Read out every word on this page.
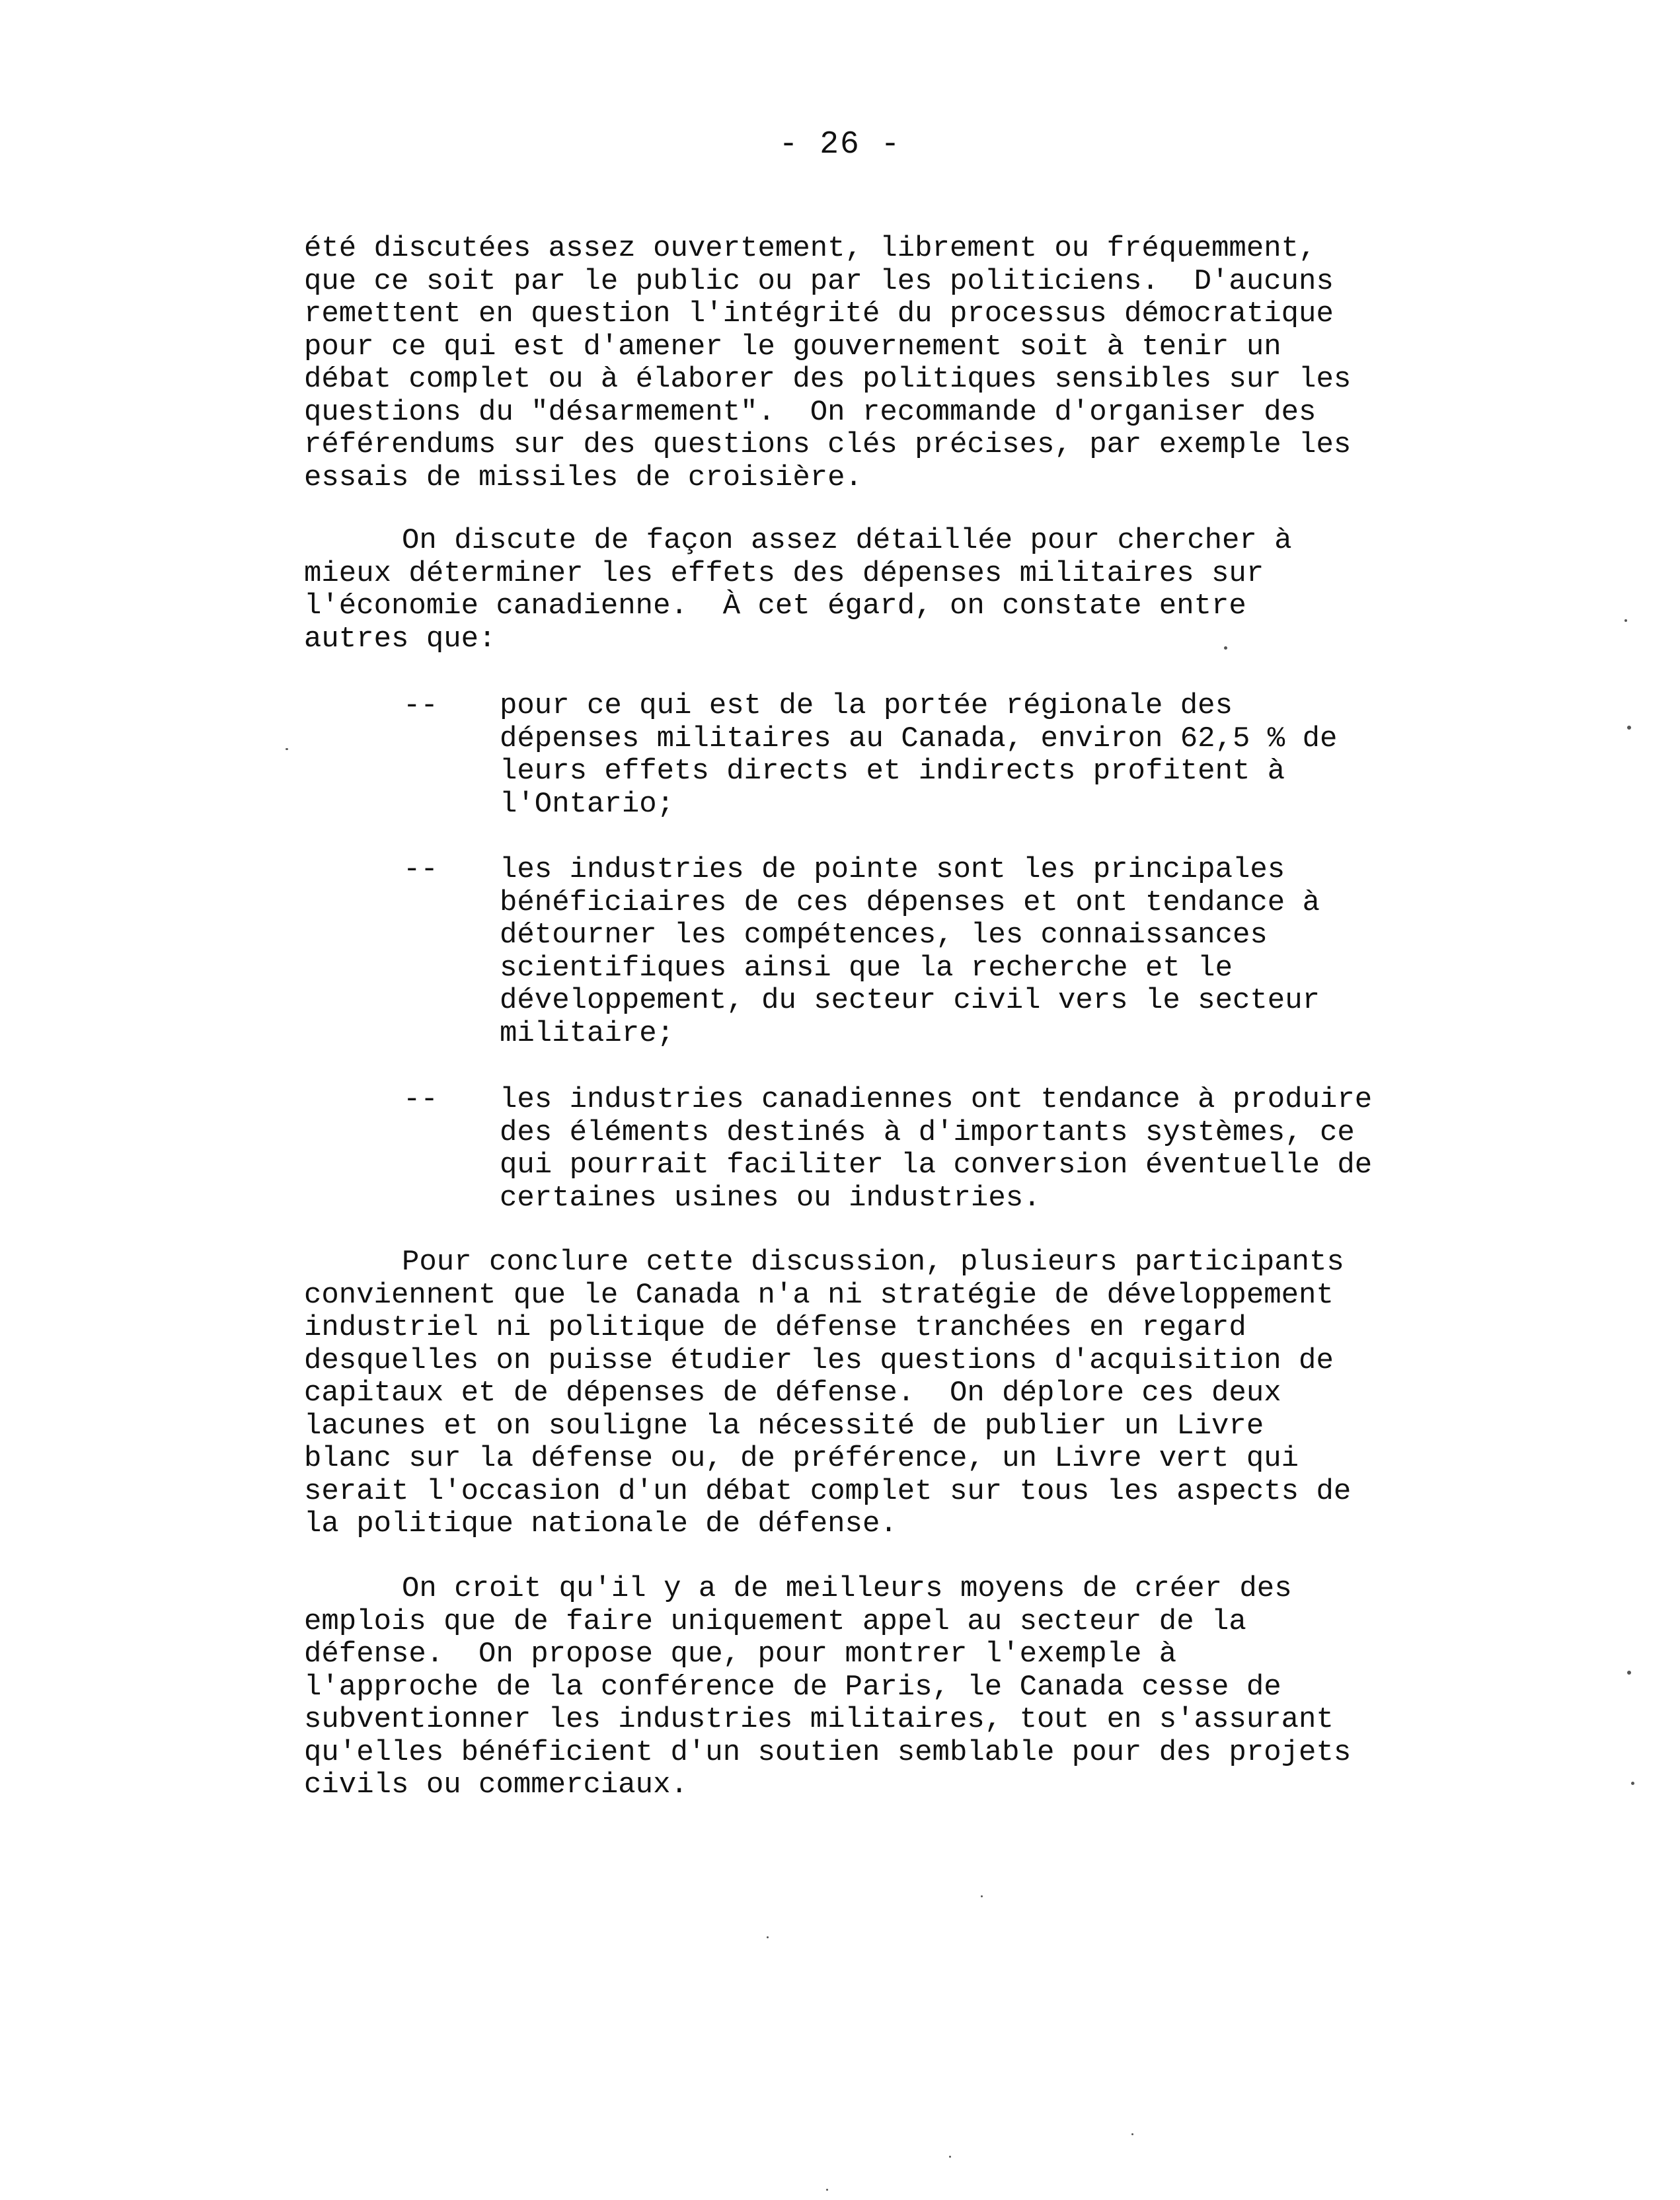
- 26 -
été discutées assez ouvertement, librement ou fréquemment,
que ce soit par le public ou par les politiciens.  D'aucuns
remettent en question l'intégrité du processus démocratique
pour ce qui est d'amener le gouvernement soit à tenir un
débat complet ou à élaborer des politiques sensibles sur les
questions du "désarmement".  On recommande d'organiser des
référendums sur des questions clés précises, par exemple les
essais de missiles de croisière.
On discute de façon assez détaillée pour chercher à
mieux déterminer les effets des dépenses militaires sur
l'économie canadienne.  À cet égard, on constate entre
autres que:
-- pour ce qui est de la portée régionale des
dépenses militaires au Canada, environ 62,5 % de
leurs effets directs et indirects profitent à
l'Ontario;
-- les industries de pointe sont les principales
bénéficiaires de ces dépenses et ont tendance à
détourner les compétences, les connaissances
scientifiques ainsi que la recherche et le
développement, du secteur civil vers le secteur
militaire;
-- les industries canadiennes ont tendance à produire
des éléments destinés à d'importants systèmes, ce
qui pourrait faciliter la conversion éventuelle de
certaines usines ou industries.
Pour conclure cette discussion, plusieurs participants
conviennent que le Canada n'a ni stratégie de développement
industriel ni politique de défense tranchées en regard
desquelles on puisse étudier les questions d'acquisition de
capitaux et de dépenses de défense.  On déplore ces deux
lacunes et on souligne la nécessité de publier un Livre
blanc sur la défense ou, de préférence, un Livre vert qui
serait l'occasion d'un débat complet sur tous les aspects de
la politique nationale de défense.
On croit qu'il y a de meilleurs moyens de créer des
emplois que de faire uniquement appel au secteur de la
défense.  On propose que, pour montrer l'exemple à
l'approche de la conférence de Paris, le Canada cesse de
subventionner les industries militaires, tout en s'assurant
qu'elles bénéficient d'un soutien semblable pour des projets
civils ou commerciaux.
